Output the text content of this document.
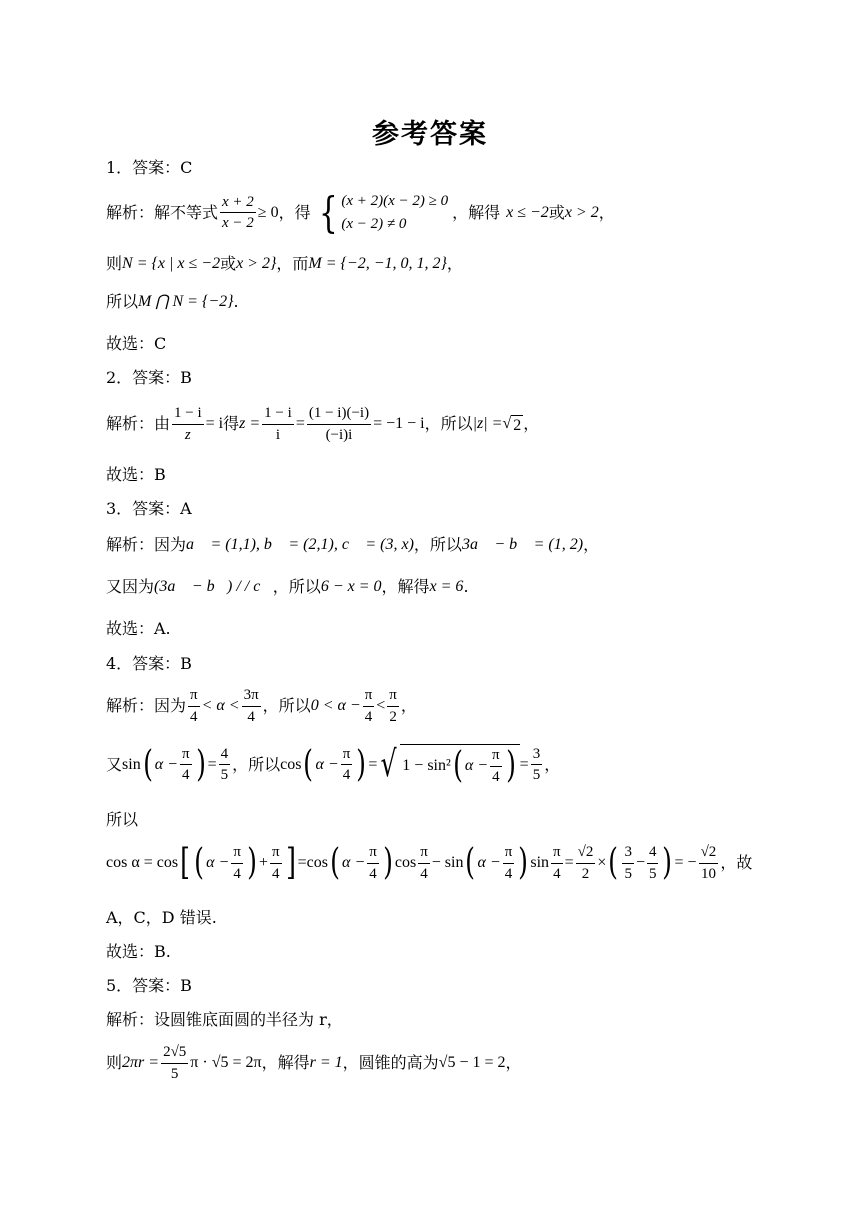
参考答案
1．答案：C
解析：解不等式 $\frac{x + 2}{x - 2} \ge 0$ ，得 { (x + 2)(x − 2) ≥ 0
(x − 2) ≠ 0
，解得 x ≤ −2 或 x > 2 ，
则 N = {x | x ≤ −2 或 x > 2} ，而 M = {−2, −1, 0, 1, 2} ，
所以 M ⋂ N = {−2} .
故选：C
2．答案：B
解析：由 $\frac{1 - i}{z} = i$ 得 $z = \frac{1 - i}{i} = \frac{(1 - i)(-i)}{(-i)i} = -1 - i$ ，所以 |z| = √ 2 ，
故选：B
3．答案：A
解析：因为 a⃗ = (1,1), b⃗ = (2,1), c⃗ = (3, x) ，所以 3a⃗ − b⃗ = (1, 2) ，
又因为 (3a⃗ − b⃗) / / c⃗ ，所以 6 − x = 0 ，解得 x = 6 .
故选：A.
4．答案：B
解析：因为 $\frac{\pi}{4} < \alpha < \frac{3\pi}{4}$ ，所以 $0 < \alpha - \frac{\pi}{4} < \frac{\pi}{2}$ ，
又 sin ( $\alpha - \frac{\pi}{4}$ ) = $\frac{4}{5}$ ，所以 cos ( $\alpha - \frac{\pi}{4}$ ) = √ 1 − sin² ( $\alpha - \frac{\pi}{4}$ ) = $\frac{3}{5}$ ，
所以
cos α = cos [ ( $\alpha - \frac{\pi}{4}$ ) + $\frac{\pi}{4}$ ] = cos ( $\alpha - \frac{\pi}{4}$ ) $\cos \frac{\pi}{4} - \sin$ ( $\alpha - \frac{\pi}{4}$ ) $\sin \frac{\pi}{4} = \frac{√2}{2}$ × ( $\frac{3}{5} - \frac{4}{5}$ ) = − $\frac{√2}{10}$ ，故
A，C，D 错误.
故选：B.
5．答案：B
解析：设圆锥底面圆的半径为 r，
则 $2\pi r = \frac{2√5}{5}$ π · √5 = 2π ，解得 r = 1 ，圆锥的高为 √5 − 1 = 2 ，
